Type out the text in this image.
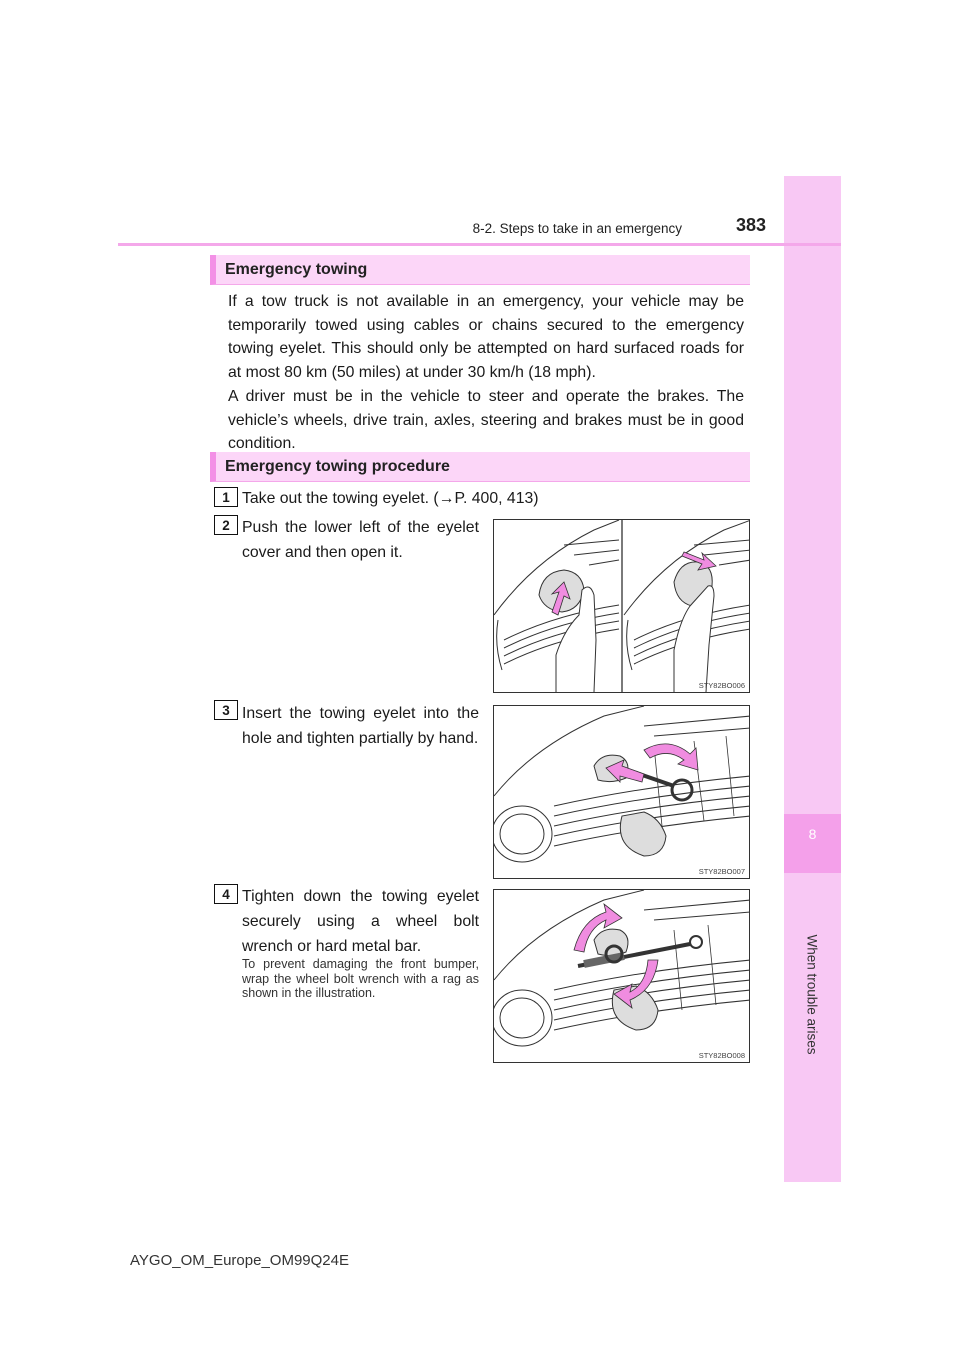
8
When trouble arises
8-2. Steps to take in an emergency	383
Emergency towing

If a tow truck is not available in an emergency, your vehicle may be temporarily towed using cables or chains secured to the emergency towing eyelet. This should only be attempted on hard surfaced roads for at most 80 km (50 miles) at under 30 km/h (18 mph).

A driver must be in the vehicle to steer and operate the brakes. The vehicle’s wheels, drive train, axles, steering and brakes must be in good condition.

Emergency towing procedure
1 Take out the towing eyelet. (→P. 400, 413)
2 Push the lower left of the eyelet cover and then open it.
STY82BO006
3 Insert the towing eyelet into the hole and tighten partially by hand.
STY82BO007
4 Tighten down the towing eyelet securely using a wheel bolt wrench or hard metal bar.
To prevent damaging the front bumper, wrap the wheel bolt wrench with a rag as shown in the illustration.
STY82BO008
AYGO_OM_Europe_OM99Q24E
